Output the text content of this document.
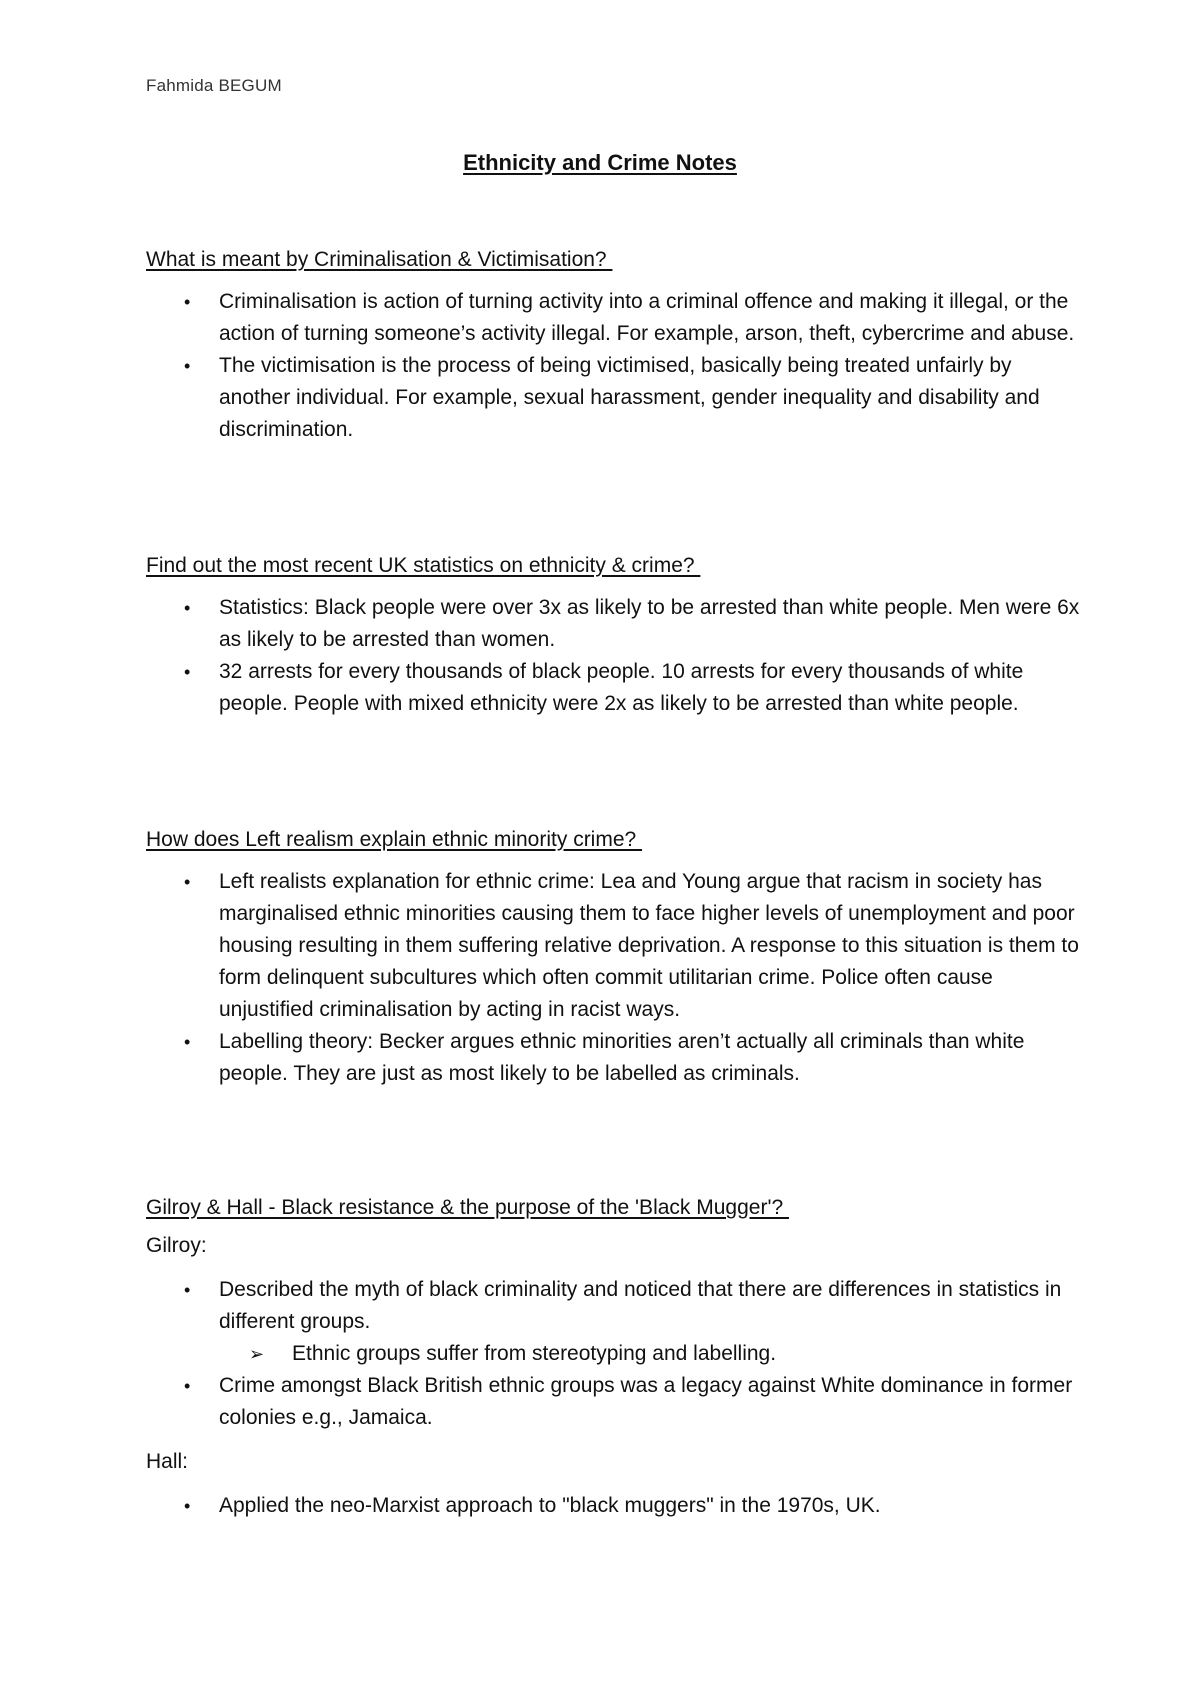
Fahmida BEGUM
Ethnicity and Crime Notes
What is meant by Criminalisation & Victimisation?
• Criminalisation is action of turning activity into a criminal offence and making it illegal, or the action of turning someone’s activity illegal. For example, arson, theft, cybercrime and abuse.
• The victimisation is the process of being victimised, basically being treated unfairly by another individual. For example, sexual harassment, gender inequality and disability and discrimination.
Find out the most recent UK statistics on ethnicity & crime?
• Statistics: Black people were over 3x as likely to be arrested than white people. Men were 6x as likely to be arrested than women.
• 32 arrests for every thousands of black people. 10 arrests for every thousands of white people. People with mixed ethnicity were 2x as likely to be arrested than white people.
How does Left realism explain ethnic minority crime?
• Left realists explanation for ethnic crime: Lea and Young argue that racism in society has marginalised ethnic minorities causing them to face higher levels of unemployment and poor housing resulting in them suffering relative deprivation. A response to this situation is them to form delinquent subcultures which often commit utilitarian crime. Police often cause unjustified criminalisation by acting in racist ways.
• Labelling theory: Becker argues ethnic minorities aren’t actually all criminals than white people. They are just as most likely to be labelled as criminals.
Gilroy & Hall - Black resistance & the purpose of the 'Black Mugger'?
Gilroy:
• Described the myth of black criminality and noticed that there are differences in statistics in different groups.
➢ Ethnic groups suffer from stereotyping and labelling.
• Crime amongst Black British ethnic groups was a legacy against White dominance in former colonies e.g., Jamaica.
Hall:
• Applied the neo-Marxist approach to "black muggers" in the 1970s, UK.
